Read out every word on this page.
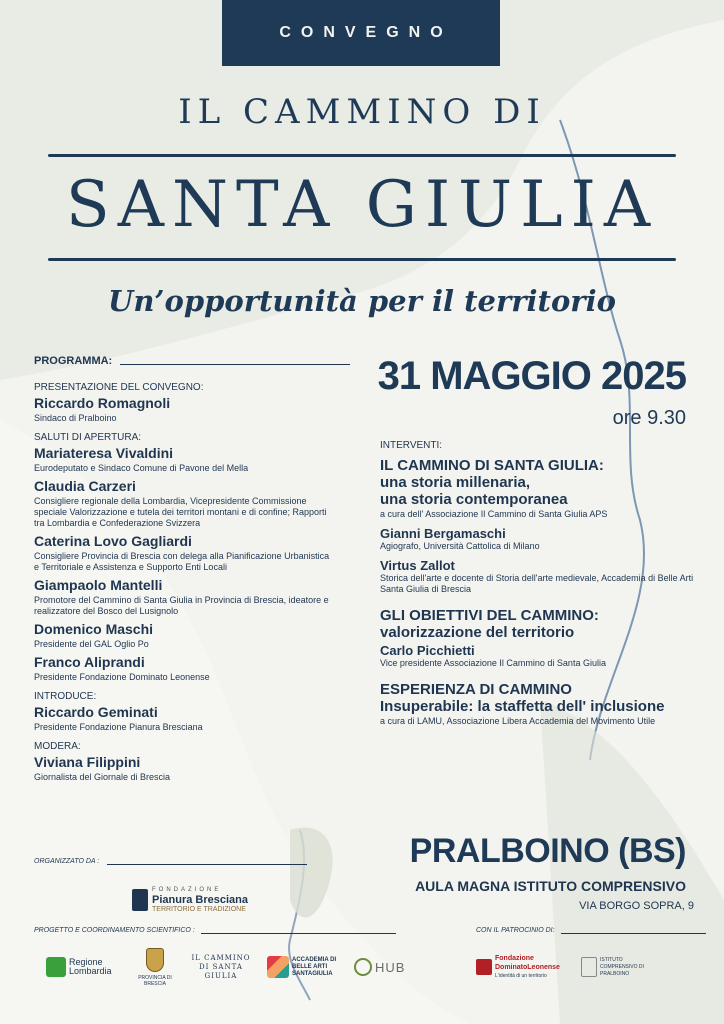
CONVEGNO
IL CAMMINO DI
SANTA GIULIA
Un’opportunità per il territorio
PROGRAMMA:
PRESENTAZIONE DEL CONVEGNO:
Riccardo Romagnoli
Sindaco di Pralboino
SALUTI DI APERTURA:
Mariateresa Vivaldini
Eurodeputato e Sindaco Comune di Pavone del Mella
Claudia Carzeri
Consigliere regionale della Lombardia, Vicepresidente Commissione speciale Valorizzazione e tutela dei territori montani e di confine; Rapporti tra Lombardia e Confederazione Svizzera
Caterina Lovo Gagliardi
Consigliere Provincia di Brescia con delega alla Pianificazione Urbanistica e Territoriale e Assistenza e Supporto Enti Locali
Giampaolo Mantelli
Promotore del Cammino di Santa Giulia in Provincia di Brescia, ideatore e realizzatore del Bosco del Lusignolo
Domenico Maschi
Presidente del GAL Oglio Po
Franco Aliprandi
Presidente Fondazione Dominato Leonense
INTRODUCE:
Riccardo Geminati
Presidente Fondazione Pianura Bresciana
MODERA:
Viviana Filippini
Giornalista del Giornale di Brescia
31 MAGGIO 2025
ore 9.30
INTERVENTI:
IL CAMMINO DI SANTA GIULIA:
una storia millenaria,
una storia contemporanea
a cura dell' Associazione Il Cammino di Santa Giulia APS
Gianni Bergamaschi
Agiografo, Università Cattolica di Milano
Virtus Zallot
Storica dell'arte e docente di Storia dell'arte medievale, Accademia di Belle Arti Santa Giulia di Brescia
GLI OBIETTIVI DEL CAMMINO:
valorizzazione del territorio
Carlo Picchietti
Vice presidente Associazione Il Cammino di Santa Giulia
ESPERIENZA DI CAMMINO
Insuperabile: la staffetta dell' inclusione
a cura di LAMU, Associazione Libera Accademia del Movimento Utile
PRALBOINO (BS)
AULA MAGNA ISTITUTO COMPRENSIVO
VIA BORGO SOPRA, 9
ORGANIZZATO DA :
FONDAZIONE
Pianura Bresciana
TERRITORIO E TRADIZIONE
PROGETTO E COORDINAMENTO SCIENTIFICO :	CON IL PATROCINIO DI:
Regione Lombardia
PROVINCIA DI BRESCIA
IL CAMMINO DI SANTA GIULIA
ACCADEMIA DI BELLE ARTI SANTAGIULIA	HUB
Fondazione DominatoLeonense
L'identità di un territorio
ISTITUTO COMPRENSIVO DI PRALBOINO
